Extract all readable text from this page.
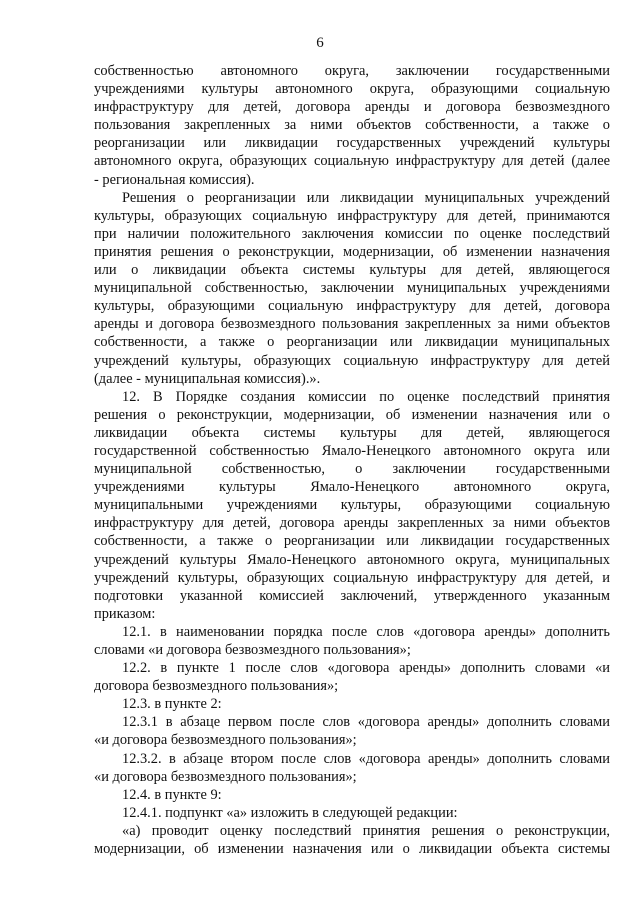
6
собственностью автономного округа, заключении государственными
учреждениями культуры автономного округа, образующими социальную
инфраструктуру для детей, договора аренды и договора безвозмездного
пользования закрепленных за ними объектов собственности, а также о
реорганизации или ликвидации государственных учреждений культуры
автономного округа, образующих социальную инфраструктуру для детей (далее
- региональная комиссия).
Решения о реорганизации или ликвидации муниципальных учреждений
культуры, образующих социальную инфраструктуру для детей, принимаются
при наличии положительного заключения комиссии по оценке последствий
принятия решения о реконструкции, модернизации, об изменении назначения
или о ликвидации объекта системы культуры для детей, являющегося
муниципальной собственностью, заключении муниципальных учреждениями
культуры, образующими социальную инфраструктуру для детей, договора
аренды и договора безвозмездного пользования закрепленных за ними объектов
собственности, а также о реорганизации или ликвидации муниципальных
учреждений культуры, образующих социальную инфраструктуру для детей
(далее - муниципальная комиссия).».
12. В Порядке создания комиссии по оценке последствий принятия
решения о реконструкции, модернизации, об изменении назначения или о
ликвидации объекта системы культуры для детей, являющегося
государственной собственностью Ямало-Ненецкого автономного округа или
муниципальной собственностью, о заключении государственными
учреждениями культуры Ямало-Ненецкого автономного округа,
муниципальными учреждениями культуры, образующими социальную
инфраструктуру для детей, договора аренды закрепленных за ними объектов
собственности, а также о реорганизации или ликвидации государственных
учреждений культуры Ямало-Ненецкого автономного округа, муниципальных
учреждений культуры, образующих социальную инфраструктуру для детей, и
подготовки указанной комиссией заключений, утвержденного указанным
приказом:
12.1. в наименовании порядка после слов «договора аренды» дополнить
словами «и договора безвозмездного пользования»;
12.2. в пункте 1 после слов «договора аренды» дополнить словами «и
договора безвозмездного пользования»;
12.3. в пункте 2:
12.3.1 в абзаце первом после слов «договора аренды» дополнить словами
«и договора безвозмездного пользования»;
12.3.2. в абзаце втором после слов «договора аренды» дополнить словами
«и договора безвозмездного пользования»;
12.4. в пункте 9:
12.4.1. подпункт «а» изложить в следующей редакции:
«а) проводит оценку последствий принятия решения о реконструкции,
модернизации, об изменении назначения или о ликвидации объекта системы
